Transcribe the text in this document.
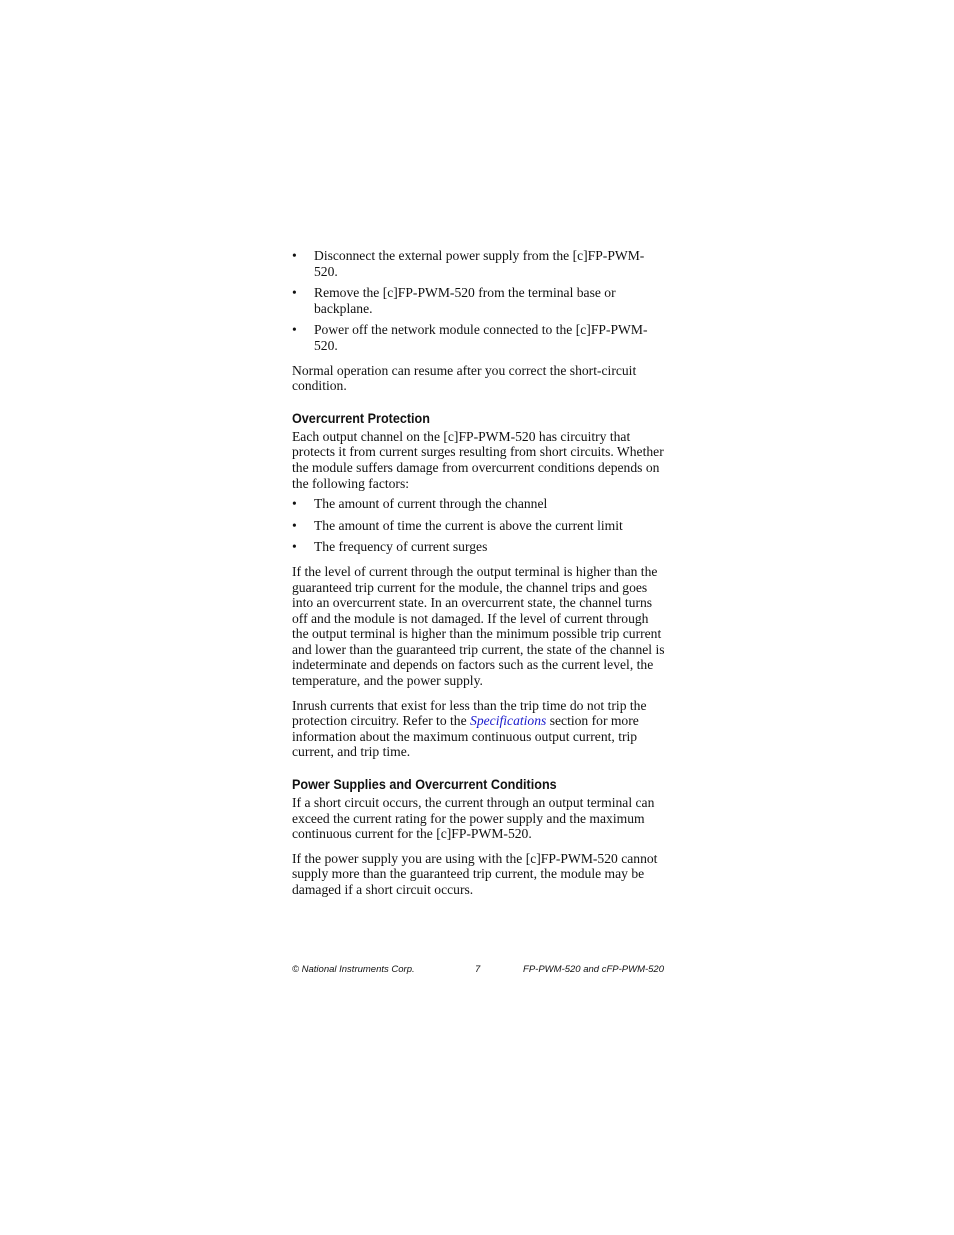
• Disconnect the external power supply from the [c]FP-PWM-520.
• Remove the [c]FP-PWM-520 from the terminal base or backplane.
• Power off the network module connected to the [c]FP-PWM-520.

Normal operation can resume after you correct the short-circuit condition.

Overcurrent Protection

Each output channel on the [c]FP-PWM-520 has circuitry that protects it from current surges resulting from short circuits. Whether the module suffers damage from overcurrent conditions depends on the following factors:

• The amount of current through the channel
• The amount of time the current is above the current limit
• The frequency of current surges

If the level of current through the output terminal is higher than the guaranteed trip current for the module, the channel trips and goes into an overcurrent state. In an overcurrent state, the channel turns off and the module is not damaged. If the level of current through the output terminal is higher than the minimum possible trip current and lower than the guaranteed trip current, the state of the channel is indeterminate and depends on factors such as the current level, the temperature, and the power supply.

Inrush currents that exist for less than the trip time do not trip the protection circuitry. Refer to the Specifications section for more information about the maximum continuous output current, trip current, and trip time.

Power Supplies and Overcurrent Conditions

If a short circuit occurs, the current through an output terminal can exceed the current rating for the power supply and the maximum continuous current for the [c]FP-PWM-520.

If the power supply you are using with the [c]FP-PWM-520 cannot supply more than the guaranteed trip current, the module may be damaged if a short circuit occurs.

© National Instruments Corp.	7	FP-PWM-520 and cFP-PWM-520
